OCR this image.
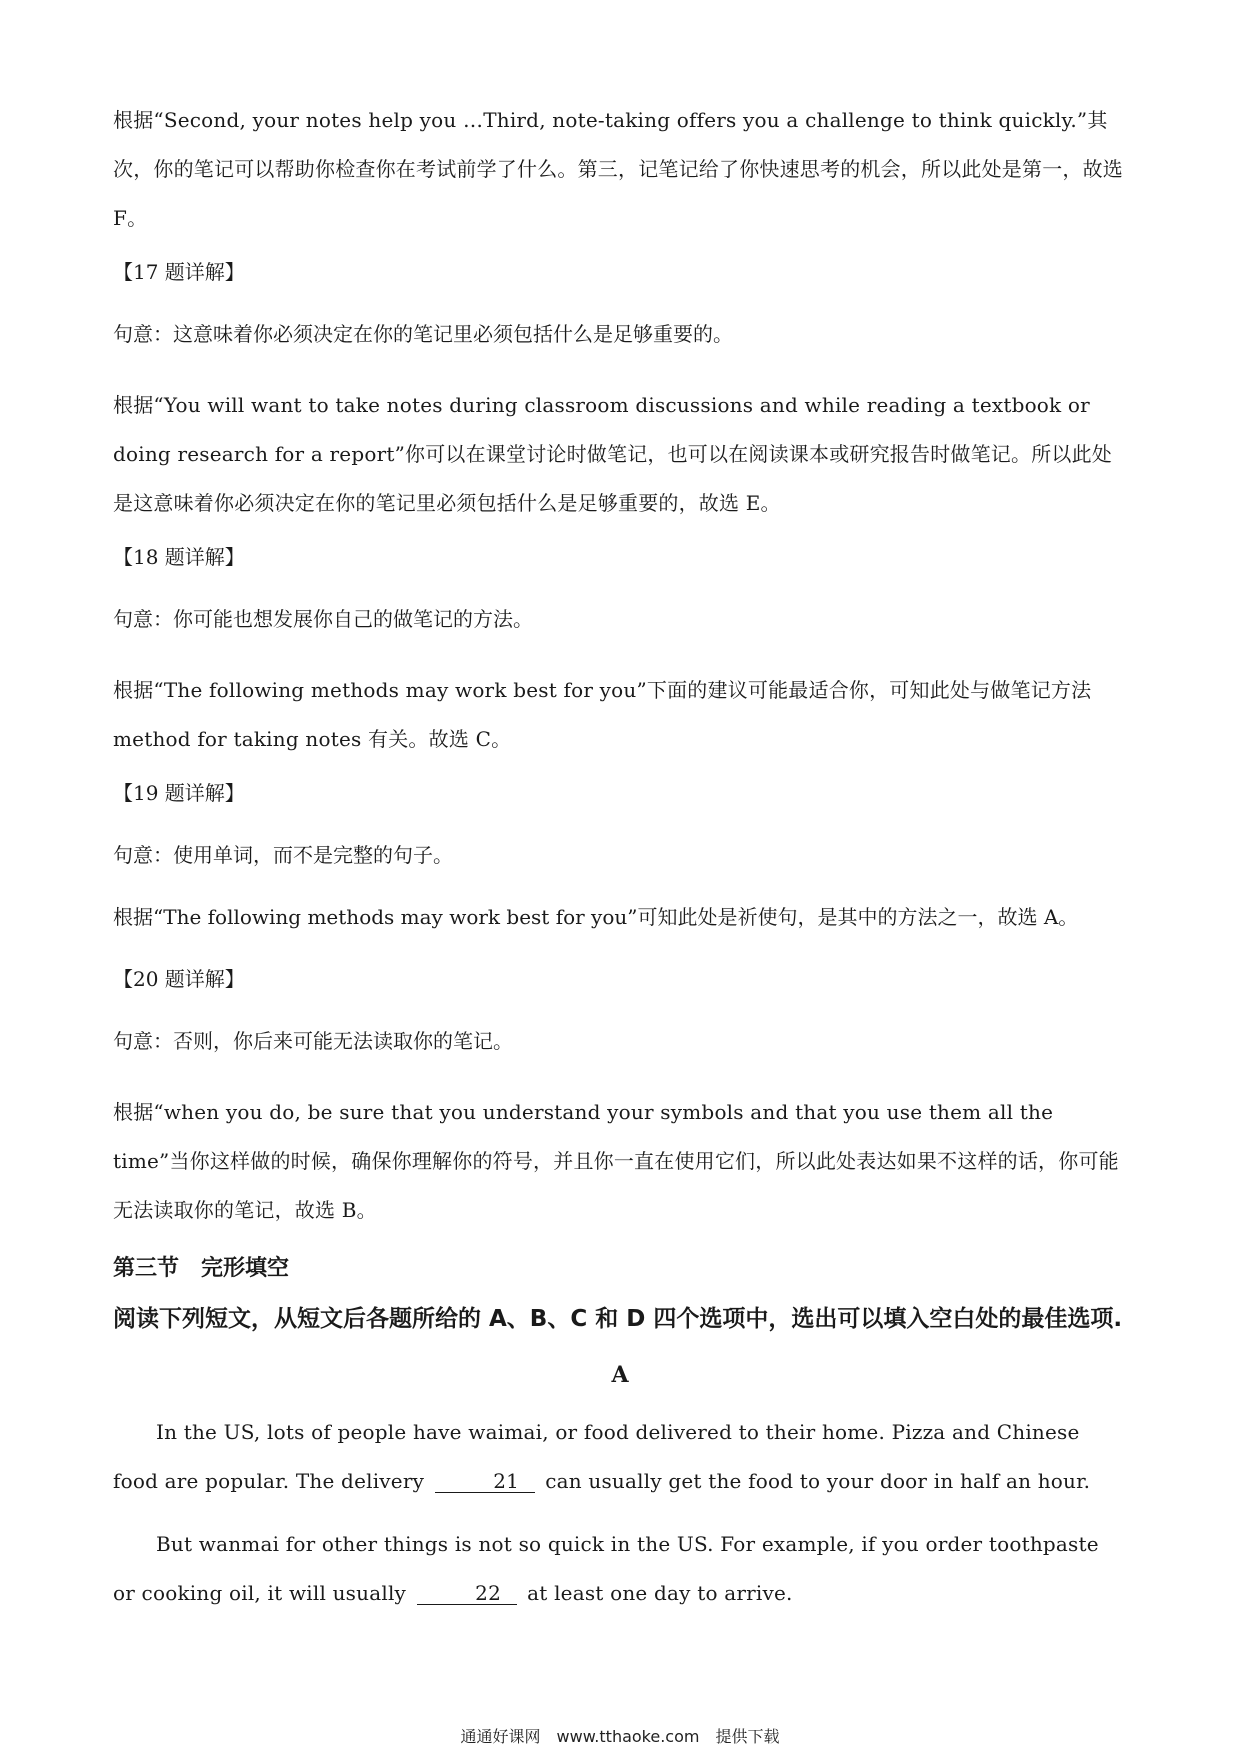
根据“Second, your notes help you …Third, note-taking offers you a challenge to think quickly.”其次，你的笔记可以帮助你检查你在考试前学了什么。第三，记笔记给了你快速思考的机会，所以此处是第一，故选 F。

【17 题详解】

句意：这意味着你必须决定在你的笔记里必须包括什么是足够重要的。

根据“You will want to take notes during classroom discussions and while reading a textbook or doing research for a report”你可以在课堂讨论时做笔记，也可以在阅读课本或研究报告时做笔记。所以此处是这意味着你必须决定在你的笔记里必须包括什么是足够重要的，故选 E。

【18 题详解】

句意：你可能也想发展你自己的做笔记的方法。

根据“The following methods may work best for you”下面的建议可能最适合你，可知此处与做笔记方法 method for taking notes 有关。故选 C。

【19 题详解】

句意：使用单词，而不是完整的句子。

根据“The following methods may work best for you”可知此处是祈使句，是其中的方法之一，故选 A。

【20 题详解】

句意：否则，你后来可能无法读取你的笔记。

根据“when you do, be sure that you understand your symbols and that you use them all the time”当你这样做的时候，确保你理解你的符号，并且你一直在使用它们，所以此处表达如果不这样的话，你可能无法读取你的笔记，故选 B。

第三节　完形填空

阅读下列短文，从短文后各题所给的 A、B、C 和 D 四个选项中，选出可以填入空白处的最佳选项.

A

In the US, lots of people have waimai, or food delivered to their home. Pizza and Chinese food are popular. The delivery	21 can usually get the food to your door in half an hour.

But wanmai for other things is not so quick in the US. For example, if you order toothpaste or cooking oil, it will usually	22 at least one day to arrive.

通通好课网　www.tthaoke.com　提供下载
